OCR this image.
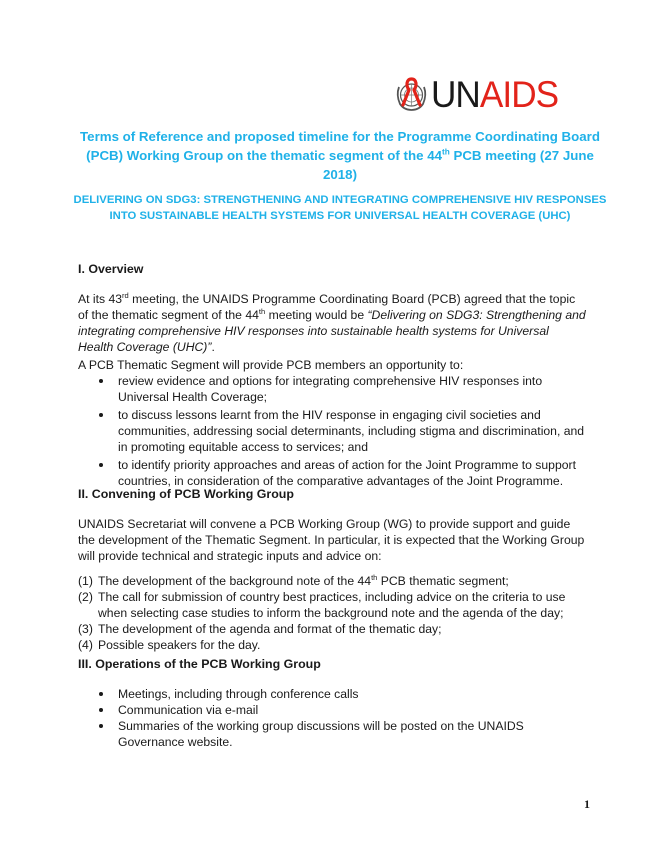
UNAIDS
Terms of Reference and proposed timeline for the Programme Coordinating Board (PCB) Working Group on the thematic segment of the 44th PCB meeting (27 June 2018)
DELIVERING ON SDG3: STRENGTHENING AND INTEGRATING COMPREHENSIVE HIV RESPONSES INTO SUSTAINABLE HEALTH SYSTEMS FOR UNIVERSAL HEALTH COVERAGE (UHC)
I. Overview

At its 43rd meeting, the UNAIDS Programme Coordinating Board (PCB) agreed that the topic of the thematic segment of the 44th meeting would be “Delivering on SDG3: Strengthening and integrating comprehensive HIV responses into sustainable health systems for Universal Health Coverage (UHC)”.

A PCB Thematic Segment will provide PCB members an opportunity to:

review evidence and options for integrating comprehensive HIV responses into Universal Health Coverage;
to discuss lessons learnt from the HIV response in engaging civil societies and communities, addressing social determinants, including stigma and discrimination, and in promoting equitable access to services; and
to identify priority approaches and areas of action for the Joint Programme to support countries, in consideration of the comparative advantages of the Joint Programme.
II. Convening of PCB Working Group
UNAIDS Secretariat will convene a PCB Working Group (WG) to provide support and guide the development of the Thematic Segment. In particular, it is expected that the Working Group will provide technical and strategic inputs and advice on:
(1) The development of the background note of the 44th PCB thematic segment;
(2) The call for submission of country best practices, including advice on the criteria to use when selecting case studies to inform the background note and the agenda of the day;
(3) The development of the agenda and format of the thematic day;
(4) Possible speakers for the day.
III. Operations of the PCB Working Group
Meetings, including through conference calls
Communication via e-mail
Summaries of the working group discussions will be posted on the UNAIDS Governance website.
1
